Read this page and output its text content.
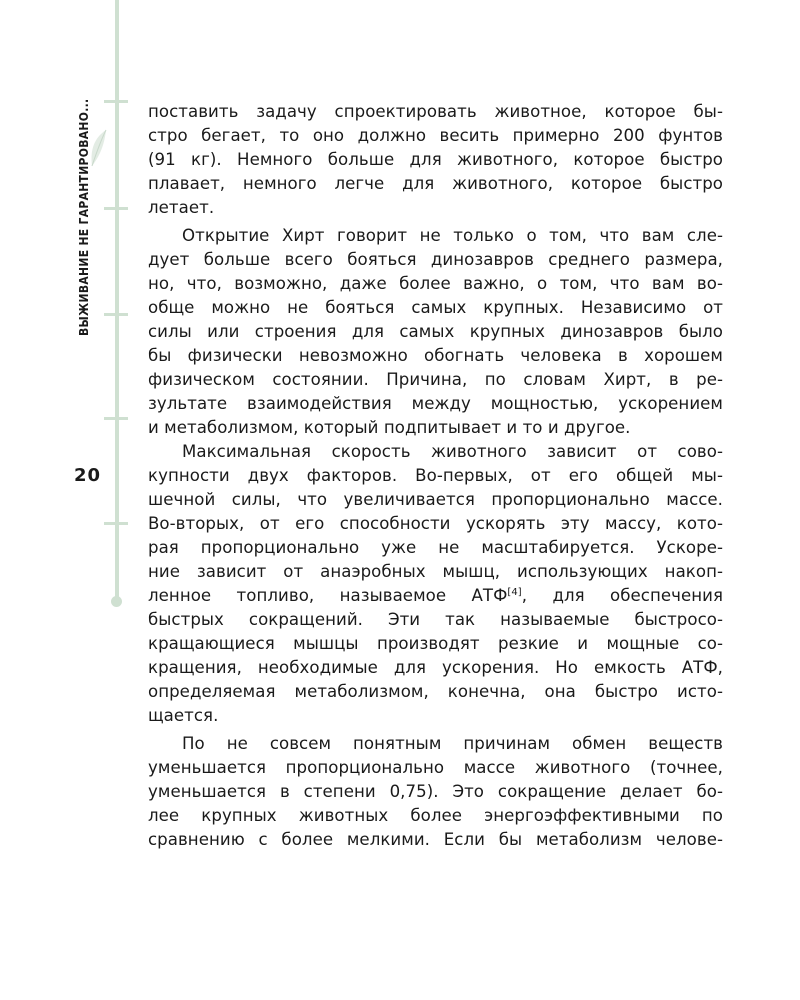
ВЫЖИВАНИЕ НЕ ГАРАНТИРОВАНО...
20
поставить задачу спроектировать животное, которое бы-
стро бегает, то оно должно весить примерно 200 фунтов
(91 кг). Немного больше для животного, которое быстро
плавает, немного легче для животного, которое быстро
летает.
Открытие Хирт говорит не только о том, что вам сле-
дует больше всего бояться динозавров среднего размера,
но, что, возможно, даже более важно, о том, что вам во-
обще можно не бояться самых крупных. Независимо от
силы или строения для самых крупных динозавров было
бы физически невозможно обогнать человека в хорошем
физическом состоянии. Причина, по словам Хирт, в ре-
зультате взаимодействия между мощностью, ускорением
и метаболизмом, который подпитывает и то и другое.
Максимальная скорость животного зависит от сово-
купности двух факторов. Во-первых, от его общей мы-
шечной силы, что увеличивается пропорционально массе.
Во-вторых, от его способности ускорять эту массу, кото-
рая пропорционально уже не масштабируется. Ускоре-
ние зависит от анаэробных мышц, использующих накоп-
ленное топливо, называемое АТФ[4], для обеспечения
быстрых сокращений. Эти так называемые быстросо-
кращающиеся мышцы производят резкие и мощные со-
кращения, необходимые для ускорения. Но емкость АТФ,
определяемая метаболизмом, конечна, она быстро исто-
щается.
По не совсем понятным причинам обмен веществ
уменьшается пропорционально массе животного (точнее,
уменьшается в степени 0,75). Это сокращение делает бо-
лее крупных животных более энергоэффективными по
сравнению с более мелкими. Если бы метаболизм челове-
